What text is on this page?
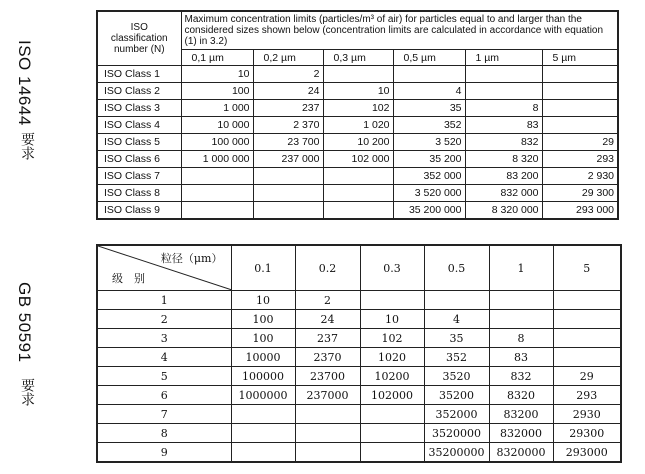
ISO 14644
要求
GB 50591
要求
ISO classification number (N)	Maximum concentration limits (particles/m³ of air) for particles equal to and larger than the considered sizes shown below (concentration limits are calculated in accordance with equation (1) in 3.2)					
	0,1 µm	0,2 µm	0,3 µm	0,5 µm	1 µm	5 µm
ISO Class 1	10	2				
ISO Class 2	100	24	10	4		
ISO Class 3	1 000	237	102	35	8	
ISO Class 4	10 000	2 370	1 020	352	83	
ISO Class 5	100 000	23 700	10 200	3 520	832	29
ISO Class 6	1 000 000	237 000	102 000	35 200	8 320	293
ISO Class 7				352 000	83 200	2 930
ISO Class 8				3 520 000	832 000	29 300
ISO Class 9				35 200 000	8 320 000	293 000
粒径（μm）
级　别	0.1	0.2	0.3	0.5	1	5
1	10	2				
2	100	24	10	4		
3	100	237	102	35	8	
4	10000	2370	1020	352	83	
5	100000	23700	10200	3520	832	29
6	1000000	237000	102000	35200	8320	293
7				352000	83200	2930
8				3520000	832000	29300
9				35200000	8320000	293000
